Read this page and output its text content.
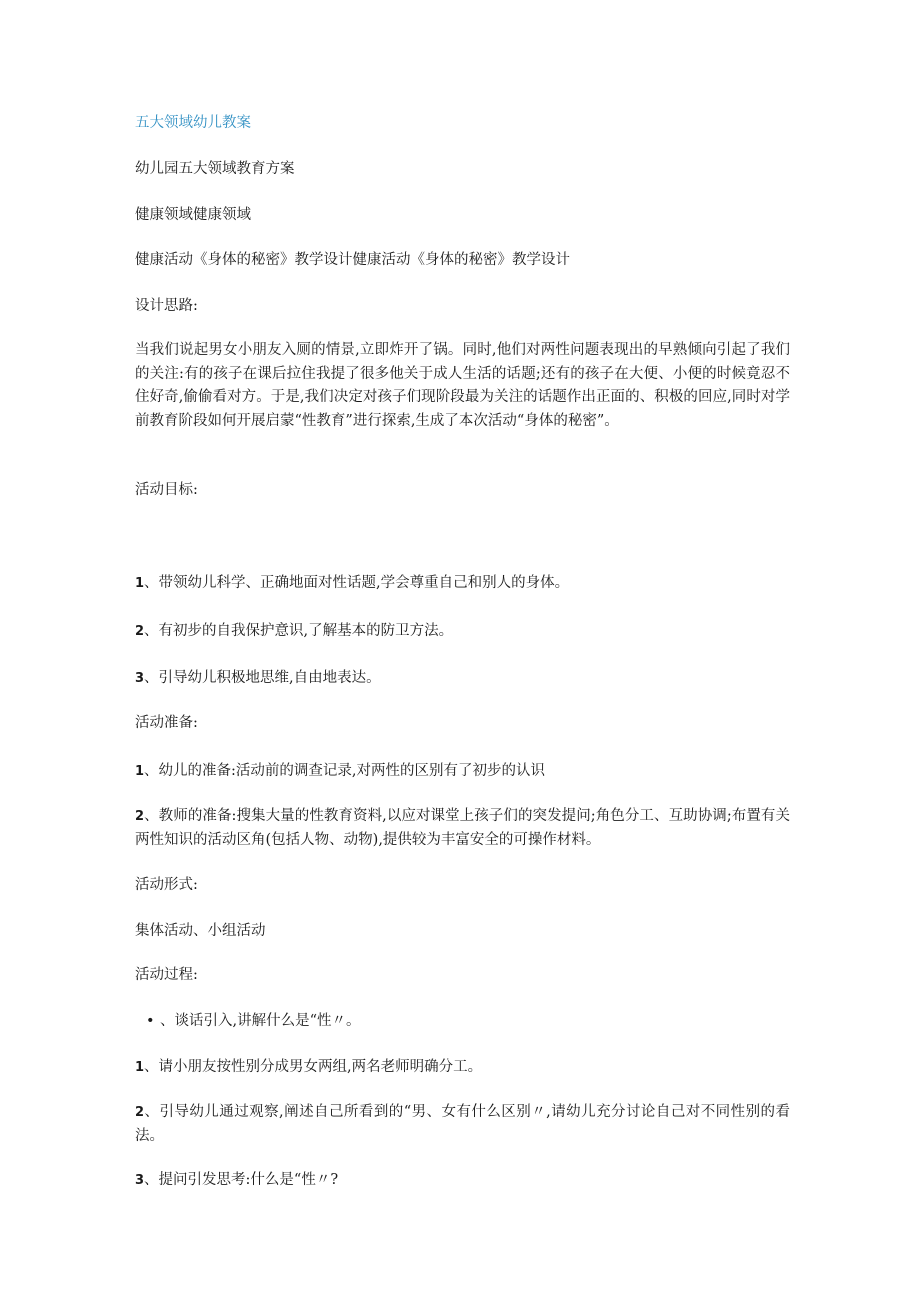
五大领域幼儿教案
幼儿园五大领域教育方案
健康领域健康领域
健康活动《身体的秘密》教学设计健康活动《身体的秘密》教学设计
设计思路:
当我们说起男女小朋友入厕的情景,立即炸开了锅。同时,他们对两性问题表现出的早熟倾向引起了我们的关注:有的孩子在课后拉住我提了很多他关于成人生活的话题;还有的孩子在大便、小便的时候竟忍不住好奇,偷偷看对方。于是,我们决定对孩子们现阶段最为关注的话题作出正面的、积极的回应,同时对学前教育阶段如何开展启蒙“性教育”进行探索,生成了本次活动“身体的秘密”。
活动目标:
1、带领幼儿科学、正确地面对性话题,学会尊重自己和别人的身体。
2、有初步的自我保护意识,了解基本的防卫方法。
3、引导幼儿积极地思维,自由地表达。
活动准备:
1、幼儿的准备:活动前的调查记录,对两性的区别有了初步的认识
2、教师的准备:搜集大量的性教育资料,以应对课堂上孩子们的突发提问;角色分工、互助协调;布置有关两性知识的活动区角(包括人物、动物),提供较为丰富安全的可操作材料。
活动形式:
集体活动、小组活动
活动过程:
• 、谈话引入,讲解什么是“性〃。
1、请小朋友按性别分成男女两组,两名老师明确分工。
2、引导幼儿通过观察,阐述自己所看到的“男、女有什么区别〃,请幼儿充分讨论自己对不同性别的看法。
3、提问引发思考:什么是“性〃?
